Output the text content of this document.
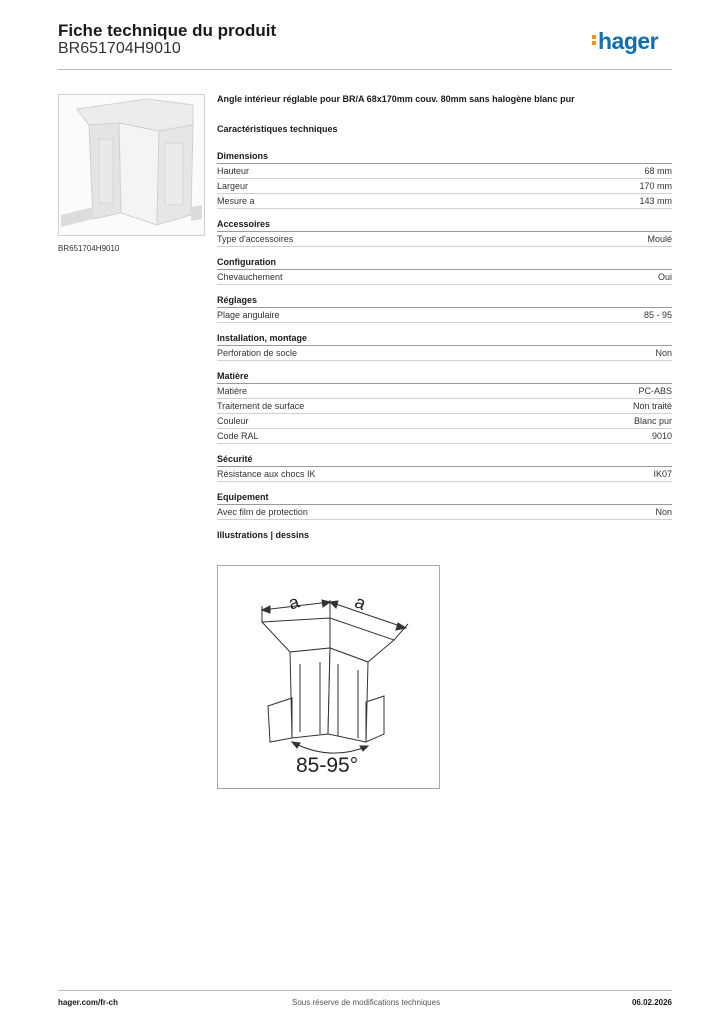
Fiche technique du produit
BR651704H9010	hager
BR651704H9010
Angle intérieur réglable pour BR/A 68x170mm couv. 80mm sans halogène blanc pur
Caractéristiques techniques
Dimensions
Hauteur	68 mm
Largeur	170 mm
Mesure a	143 mm
Accessoires
Type d'accessoires	Moulé
Configuration
Chevauchement	Oui
Réglages
Plage angulaire	85 - 95
Installation, montage
Perforation de socle	Non
Matière
Matière	PC-ABS
Traitement de surface	Non traité
Couleur	Blanc pur
Code RAL	9010
Sécurité
Résistance aux chocs IK	IK07
Equipement
Avec film de protection	Non
Illustrations | dessins
a	a
85-95°
hager.com/fr-ch	Sous réserve de modifications techniques	06.02.2026
